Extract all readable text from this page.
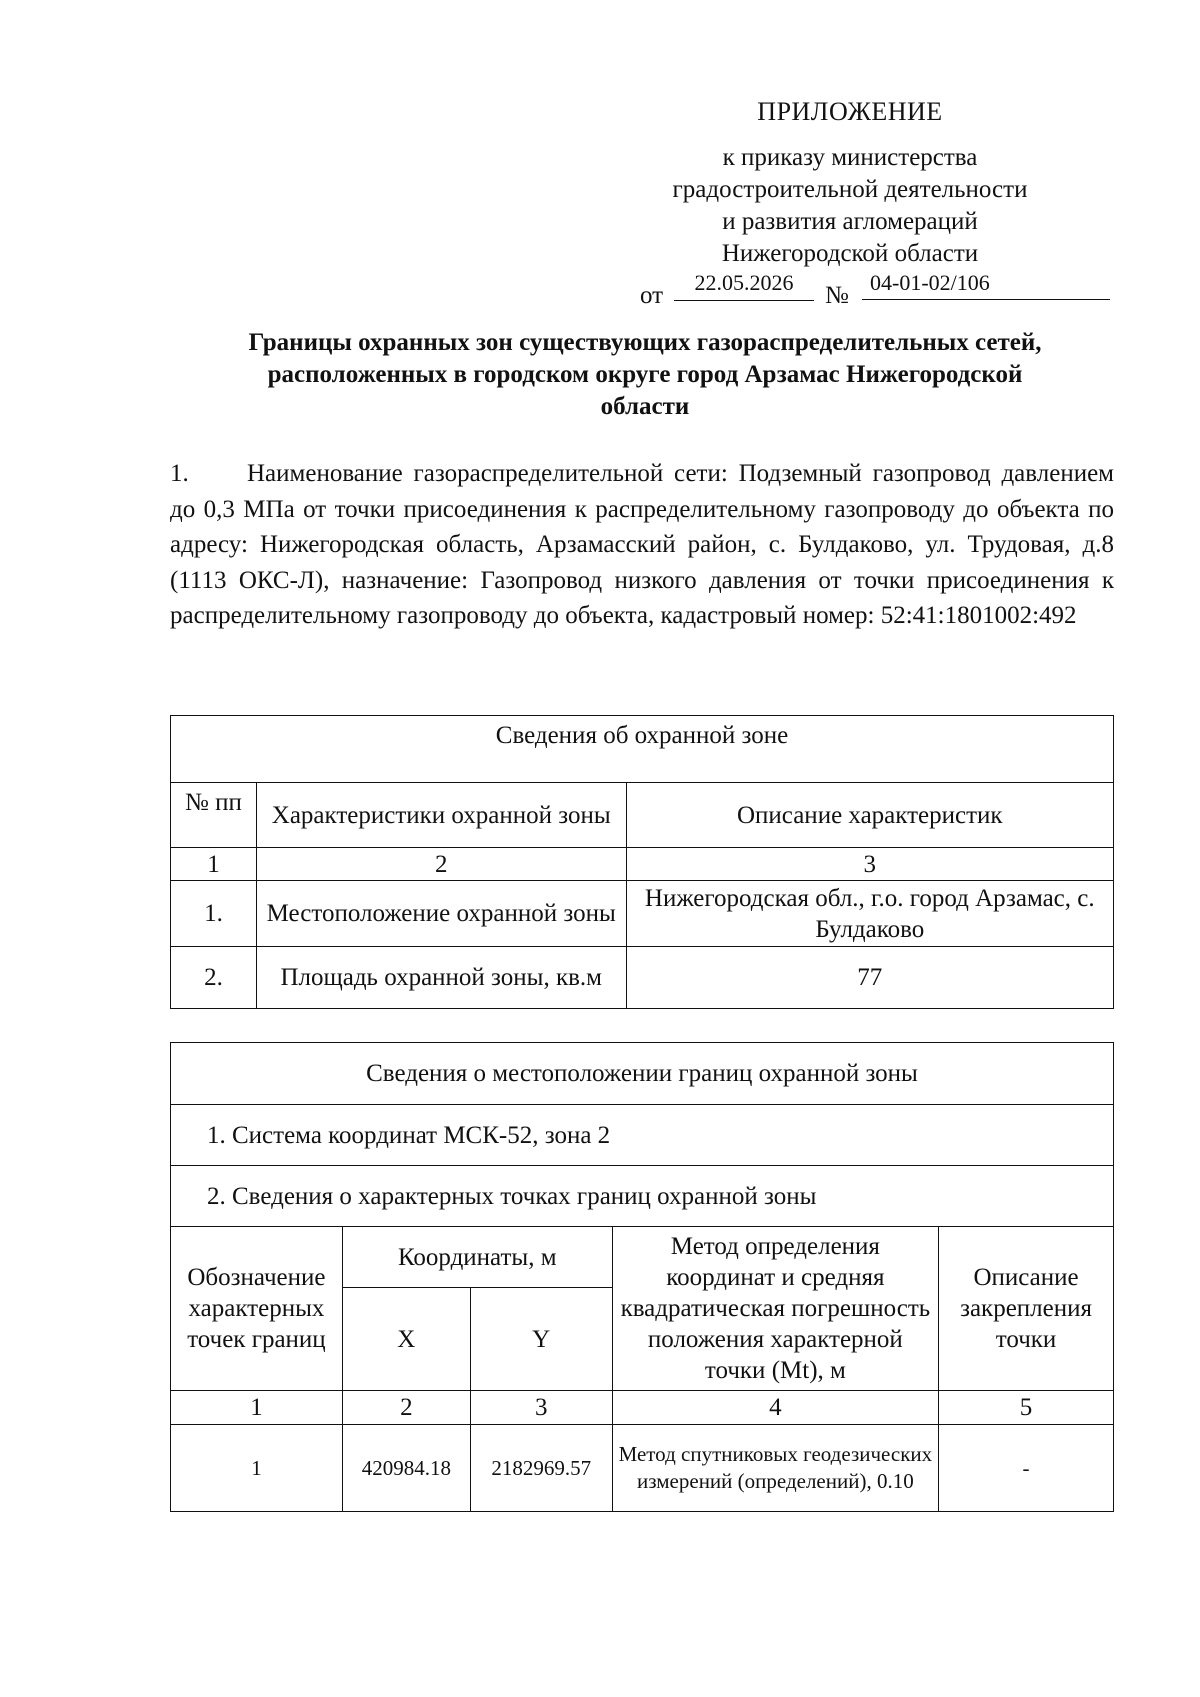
ПРИЛОЖЕНИЕ
к приказу министерства
градостроительной деятельности
и развития агломераций
Нижегородской области
от	22.05.2026	№ 04-01-02/106
Границы охранных зон существующих газораспределительных сетей,
расположенных в городском округе город Арзамас Нижегородской
области
1. Наименование газораспределительной сети: Подземный газопровод давлением до 0,3 МПа от точки присоединения к распределительному газопроводу до объекта по адресу: Нижегородская область, Арзамасский район, с. Булдаково, ул. Трудовая, д.8 (1113 ОКС-Л), назначение: Газопровод низкого давления от точки присоединения к распределительному газопроводу до объекта, кадастровый номер: 52:41:1801002:492
Сведения об охранной зоне		
№ пп	Характеристики охранной зоны	Описание характеристик
1	2	3
1.	Местоположение охранной зоны	Нижегородская обл., г.о. город Арзамас, с. Булдаково
2.	Площадь охранной зоны, кв.м	77
Сведения о местоположении границ охранной зоны				
1. Система координат МСК-52, зона 2				
2. Сведения о характерных точках границ охранной зоны				
Обозначение характерных точек границ	Координаты, м		Метод определения координат и средняя квадратическая погрешность положения характерной точки (Mt), м	Описание закрепления точки
	X	Y		
1	2	3	4	5
1	420984.18	2182969.57	Метод спутниковых геодезических измерений (определений), 0.10	-
